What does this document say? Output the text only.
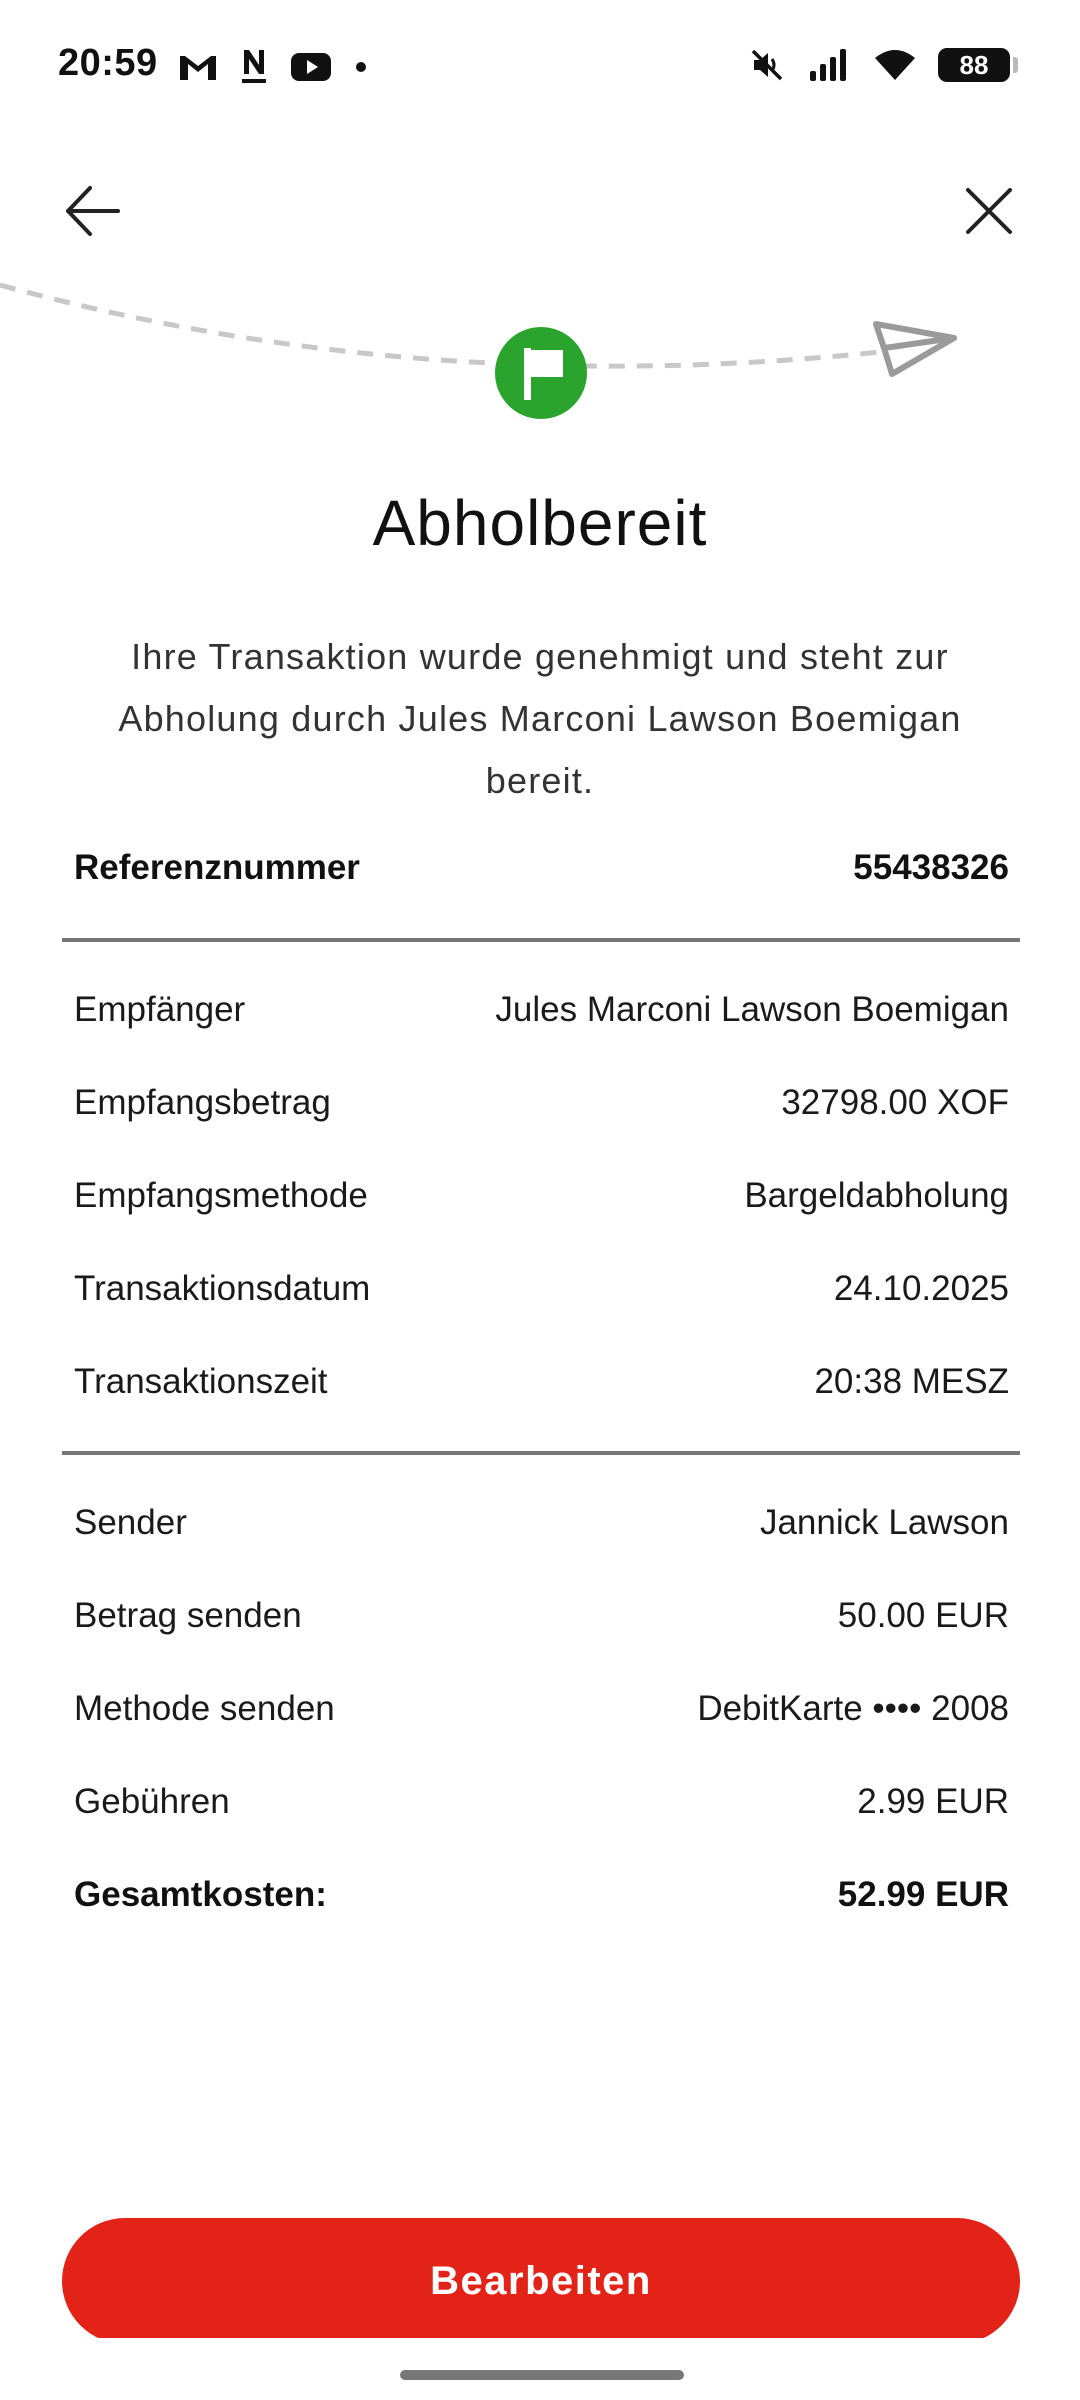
20:59	88
Abholbereit
Ihre Transaktion wurde genehmigt und steht zur Abholung durch Jules Marconi Lawson Boemigan bereit.
Referenznummer	55438326
Empfänger	Jules Marconi Lawson Boemigan
Empfangsbetrag	32798.00 XOF
Empfangsmethode	Bargeldabholung
Transaktionsdatum	24.10.2025
Transaktionszeit	20:38 MESZ
Sender	Jannick Lawson
Betrag senden	50.00 EUR
Methode senden	DebitKarte •••• 2008
Gebühren	2.99 EUR
Gesamtkosten:	52.99 EUR
Bearbeiten
